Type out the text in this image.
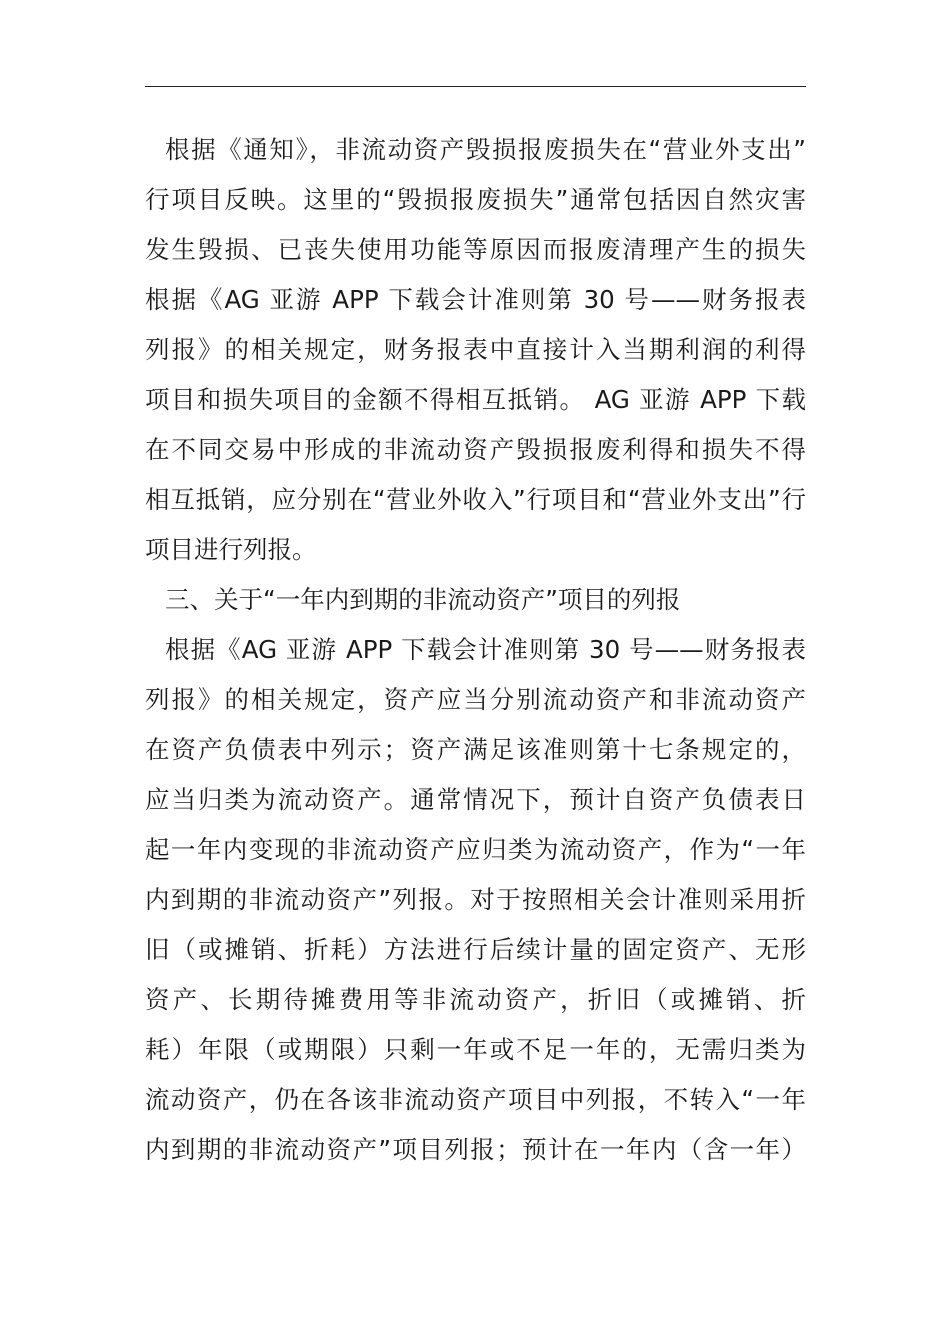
根据《通知》，非流动资产毁损报废损失在“营业外支出”
行项目反映。这里的“毁损报废损失”通常包括因自然灾害
发生毁损、已丧失使用功能等原因而报废清理产生的损失
根据《AG 亚游 APP 下载会计准则第 30 号——财务报表
列报》的相关规定，财务报表中直接计入当期利润的利得
项目和损失项目的金额不得相互抵销。 AG 亚游 APP 下载
在不同交易中形成的非流动资产毁损报废利得和损失不得
相互抵销，应分别在“营业外收入”行项目和“营业外支出”行
项目进行列报。
三、关于“一年内到期的非流动资产”项目的列报
根据《AG 亚游 APP 下载会计准则第 30 号——财务报表
列报》的相关规定，资产应当分别流动资产和非流动资产
在资产负债表中列示；资产满足该准则第十七条规定的，
应当归类为流动资产。通常情况下，预计自资产负债表日
起一年内变现的非流动资产应归类为流动资产，作为“一年
内到期的非流动资产”列报。对于按照相关会计准则采用折
旧（或摊销、折耗）方法进行后续计量的固定资产、无形
资产、长期待摊费用等非流动资产，折旧（或摊销、折
耗）年限（或期限）只剩一年或不足一年的，无需归类为
流动资产，仍在各该非流动资产项目中列报，不转入“一年
内到期的非流动资产”项目列报；预计在一年内（含一年）
